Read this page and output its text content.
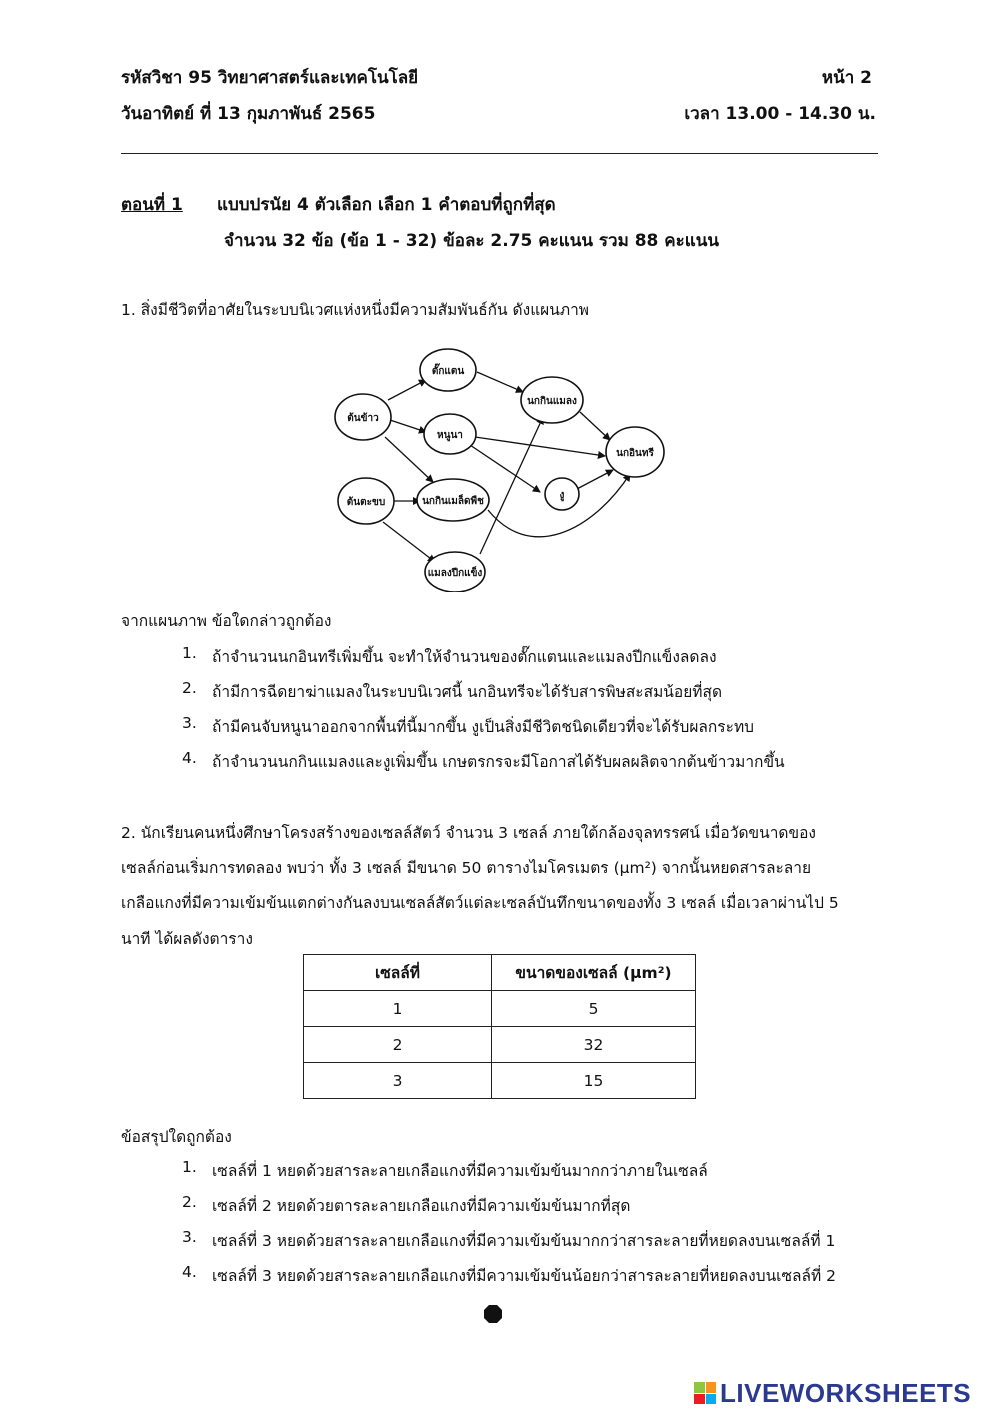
รหัสวิชา 95 วิทยาศาสตร์และเทคโนโลยี	หน้า 2
วันอาทิตย์ ที่ 13 กุมภาพันธ์ 2565	เวลา 13.00 - 14.30 น.
ตอนที่ 1 แบบปรนัย 4 ตัวเลือก เลือก 1 คำตอบที่ถูกที่สุด
จำนวน 32 ข้อ (ข้อ 1 - 32) ข้อละ 2.75 คะแนน รวม 88 คะแนน
1. สิ่งมีชีวิตที่อาศัยในระบบนิเวศแห่งหนึ่งมีความสัมพันธ์กัน ดังแผนภาพ
ต้นข้าว
ต้นตะขบ
ตั๊กแตน
หนูนา
นกกินเมล็ดพืช
แมลงปีกแข็ง
นกกินแมลง
งู
นกอินทรี
จากแผนภาพ ข้อใดกล่าวถูกต้อง
1. ถ้าจำนวนนกอินทรีเพิ่มขึ้น จะทำให้จำนวนของตั๊กแตนและแมลงปีกแข็งลดลง
2. ถ้ามีการฉีดยาฆ่าแมลงในระบบนิเวศนี้ นกอินทรีจะได้รับสารพิษสะสมน้อยที่สุด
3. ถ้ามีคนจับหนูนาออกจากพื้นที่นี้มากขึ้น งูเป็นสิ่งมีชีวิตชนิดเดียวที่จะได้รับผลกระทบ
4. ถ้าจำนวนนกกินแมลงและงูเพิ่มขึ้น เกษตรกรจะมีโอกาสได้รับผลผลิตจากต้นข้าวมากขึ้น
2. นักเรียนคนหนึ่งศึกษาโครงสร้างของเซลล์สัตว์ จำนวน 3 เซลล์ ภายใต้กล้องจุลทรรศน์ เมื่อวัดขนาดของ
เซลล์ก่อนเริ่มการทดลอง พบว่า ทั้ง 3 เซลล์ มีขนาด 50 ตารางไมโครเมตร (μm²) จากนั้นหยดสารละลาย
เกลือแกงที่มีความเข้มข้นแตกต่างกันลงบนเซลล์สัตว์แต่ละเซลล์บันทึกขนาดของทั้ง 3 เซลล์ เมื่อเวลาผ่านไป 5
นาที ได้ผลดังตาราง
เซลล์ที่	ขนาดของเซลล์ (μm²)
1	5
2	32
3	15
ข้อสรุปใดถูกต้อง
1. เซลล์ที่ 1 หยดด้วยสารละลายเกลือแกงที่มีความเข้มข้นมากกว่าภายในเซลล์
2. เซลล์ที่ 2 หยดด้วยตารละลายเกลือแกงที่มีความเข้มข้นมากที่สุด
3. เซลล์ที่ 3 หยดด้วยสารละลายเกลือแกงที่มีความเข้มข้นมากกว่าสารละลายที่หยดลงบนเซลล์ที่ 1
4. เซลล์ที่ 3 หยดด้วยสารละลายเกลือแกงที่มีความเข้มข้นน้อยกว่าสารละลายที่หยดลงบนเซลล์ที่ 2
LIVEWORKSHEETS
